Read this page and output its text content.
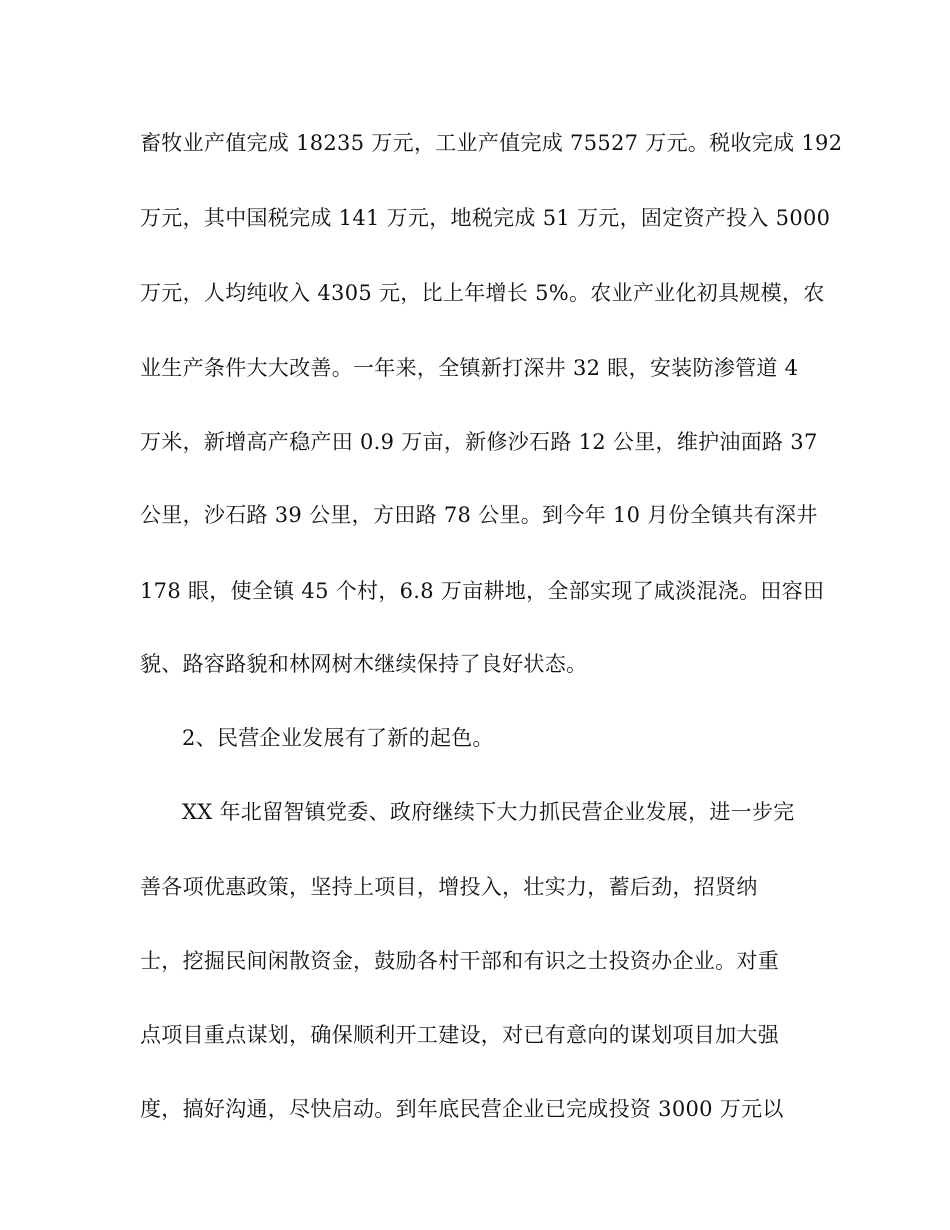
畜牧业产值完成 18235 万元，工业产值完成 75527 万元。税收完成 192
万元，其中国税完成 141 万元，地税完成 51 万元，固定资产投入 5000
万元，人均纯收入 4305 元，比上年增长 5%。农业产业化初具规模，农
业生产条件大大改善。一年来，全镇新打深井 32 眼，安装防渗管道 4
万米，新增高产稳产田 0.9 万亩，新修沙石路 12 公里，维护油面路 37
公里，沙石路 39 公里，方田路 78 公里。到今年 10 月份全镇共有深井
178 眼，使全镇 45 个村，6.8 万亩耕地，全部实现了咸淡混浇。田容田
貌、路容路貌和林网树木继续保持了良好状态。
2、民营企业发展有了新的起色。
XX 年北留智镇党委、政府继续下大力抓民营企业发展，进一步完
善各项优惠政策，坚持上项目，增投入，壮实力，蓄后劲，招贤纳
士，挖掘民间闲散资金，鼓励各村干部和有识之士投资办企业。对重
点项目重点谋划，确保顺利开工建设，对已有意向的谋划项目加大强
度，搞好沟通，尽快启动。到年底民营企业已完成投资 3000 万元以
